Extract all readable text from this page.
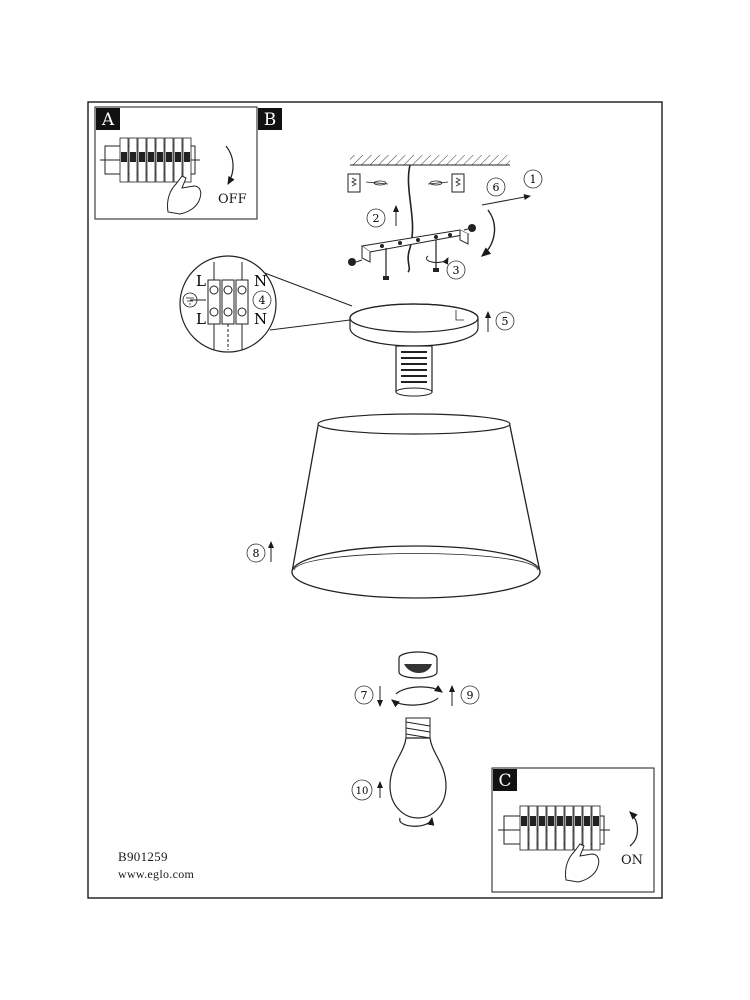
A	B
OFF
1
6
2
3
L	N
L	N
4
5
8
7	9
10
C
ON
B901259
www.eglo.com
